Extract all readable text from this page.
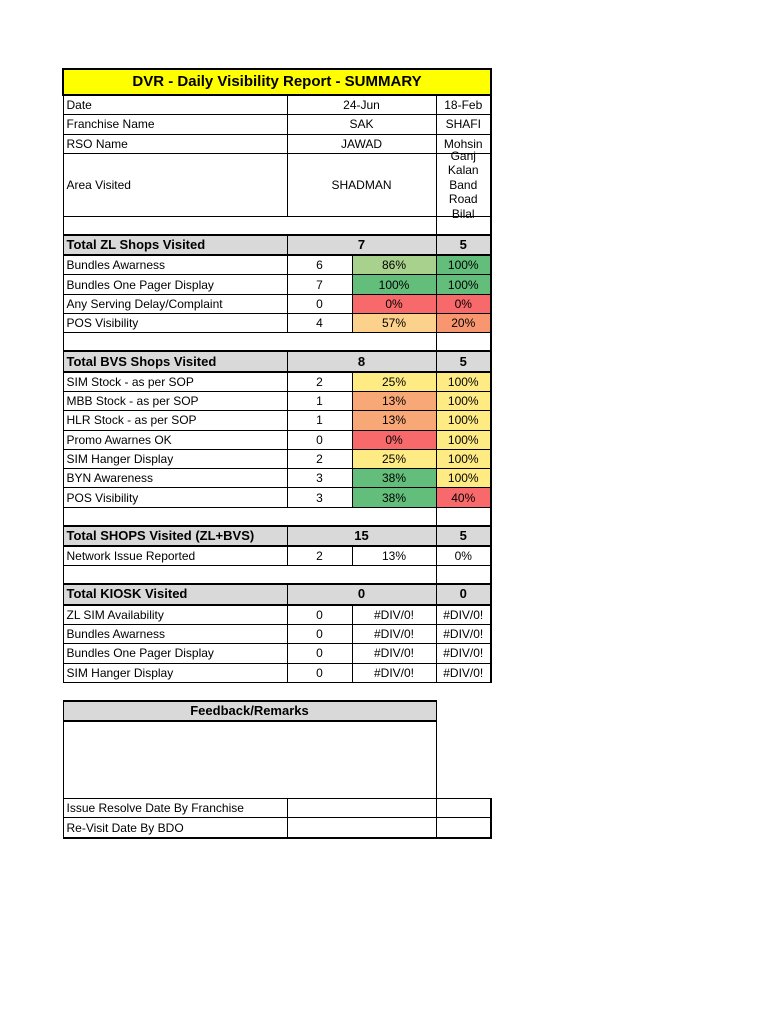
DVR - Daily Visibility Report - SUMMARY			
Date	24-Jun		18-Feb
Franchise Name	SAK		SHAFI
RSO Name	JAWAD		Mohsin
Area Visited	SHADMAN		Ganj Kalan Band Road Bilal

Total ZL Shops Visited	7		5
Bundles Awarness	6	86%	100%
Bundles One Pager Display	7	100%	100%
Any Serving Delay/Complaint	0	0%	0%
POS Visibility	4	57%	20%

Total BVS Shops Visited	8		5
SIM Stock - as per SOP	2	25%	100%
MBB Stock - as per SOP	1	13%	100%
HLR Stock - as per SOP	1	13%	100%
Promo Awarnes OK	0	0%	100%
SIM Hanger Display	2	25%	100%
BYN Awareness	3	38%	100%
POS Visibility	3	38%	40%

Total SHOPS Visited (ZL+BVS)	15		5
Network Issue Reported	2	13%	0%

Total KIOSK Visited	0		0
ZL SIM Availability	0	#DIV/0!	#DIV/0!
Bundles Awarness	0	#DIV/0!	#DIV/0!
Bundles One Pager Display	0	#DIV/0!	#DIV/0!
SIM Hanger Display	0	#DIV/0!	#DIV/0!

Feedback/Remarks			

Issue Resolve Date By Franchise			
Re-Visit Date By BDO			
